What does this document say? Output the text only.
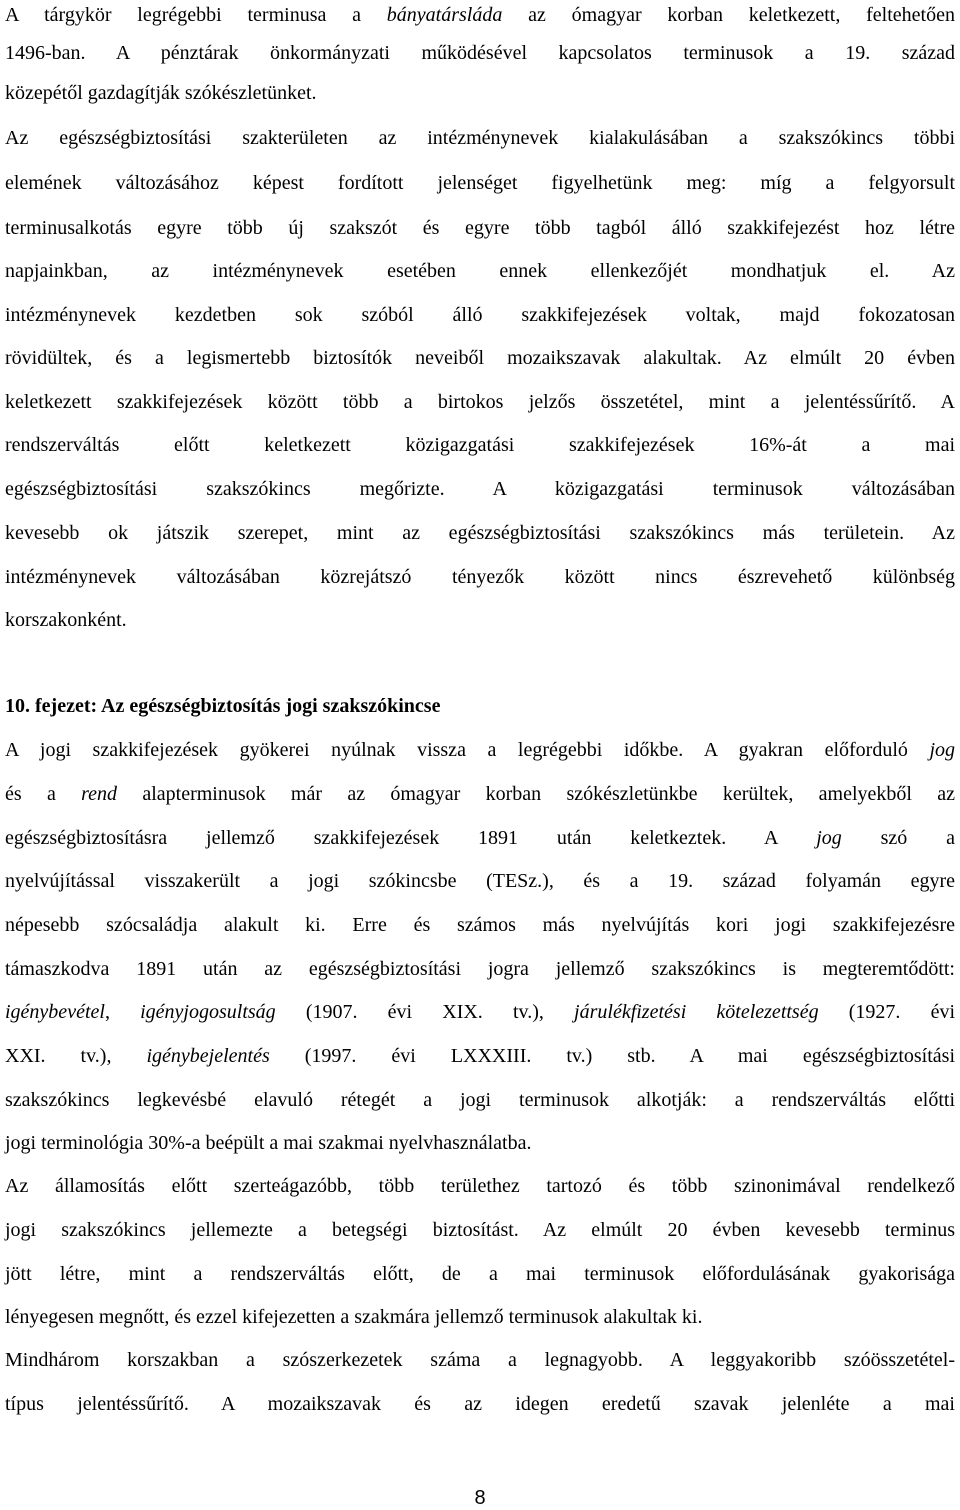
A tárgykör legrégebbi terminusa a bányatársláda az ómagyar korban keletkezett, feltehetően
1496-ban. A pénztárak önkormányzati működésével kapcsolatos terminusok a 19. század
közepétől gazdagítják szókészletünket.
Az egészségbiztosítási szakterületen az intézménynevek kialakulásában a szakszókincs többi
elemének változásához képest fordított jelenséget figyelhetünk meg: míg a felgyorsult
terminusalkotás egyre több új szakszót és egyre több tagból álló szakkifejezést hoz létre
napjainkban, az intézménynevek esetében ennek ellenkezőjét mondhatjuk el. Az
intézménynevek kezdetben sok szóból álló szakkifejezések voltak, majd fokozatosan
rövidültek, és a legismertebb biztosítók neveiből mozaikszavak alakultak. Az elmúlt 20 évben
keletkezett szakkifejezések között több a birtokos jelzős összetétel, mint a jelentéssűrítő. A
rendszerváltás előtt keletkezett közigazgatási szakkifejezések 16%-át a mai
egészségbiztosítási szakszókincs megőrizte. A közigazgatási terminusok változásában
kevesebb ok játszik szerepet, mint az egészségbiztosítási szakszókincs más területein. Az
intézménynevek változásában közrejátszó tényezők között nincs észrevehető különbség
korszakonként.
10. fejezet: Az egészségbiztosítás jogi szakszókincse
A jogi szakkifejezések gyökerei nyúlnak vissza a legrégebbi időkbe. A gyakran előforduló jog
és a rend alapterminusok már az ómagyar korban szókészletünkbe kerültek, amelyekből az
egészségbiztosításra jellemző szakkifejezések 1891 után keletkeztek. A jog szó a
nyelvújítással visszakerült a jogi szókincsbe (TESz.), és a 19. század folyamán egyre
népesebb szócsaládja alakult ki. Erre és számos más nyelvújítás kori jogi szakkifejezésre
támaszkodva 1891 után az egészségbiztosítási jogra jellemző szakszókincs is megteremtődött:
igénybevétel, igényjogosultság (1907. évi XIX. tv.), járulékfizetési kötelezettség (1927. évi
XXI. tv.), igénybejelentés (1997. évi LXXXIII. tv.) stb. A mai egészségbiztosítási
szakszókincs legkevésbé elavuló rétegét a jogi terminusok alkotják: a rendszerváltás előtti
jogi terminológia 30%-a beépült a mai szakmai nyelvhasználatba.
Az államosítás előtt szerteágazóbb, több területhez tartozó és több szinonimával rendelkező
jogi szakszókincs jellemezte a betegségi biztosítást. Az elmúlt 20 évben kevesebb terminus
jött létre, mint a rendszerváltás előtt, de a mai terminusok előfordulásának gyakorisága
lényegesen megnőtt, és ezzel kifejezetten a szakmára jellemző terminusok alakultak ki.
Mindhárom korszakban a szószerkezetek száma a legnagyobb. A leggyakoribb szóösszetétel-
típus jelentéssűrítő. A mozaikszavak és az idegen eredetű szavak jelenléte a mai
8
